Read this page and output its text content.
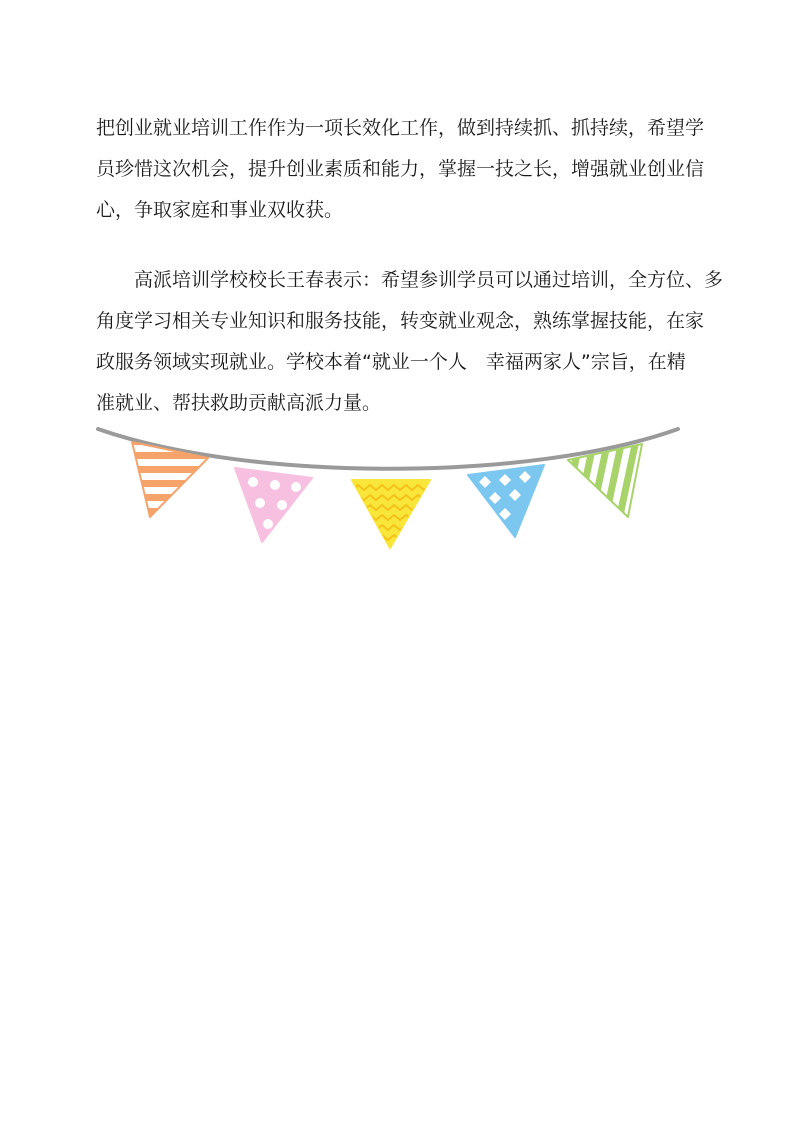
把创业就业培训工作作为一项长效化工作，做到持续抓、抓持续，希望学
员珍惜这次机会，提升创业素质和能力，掌握一技之长，增强就业创业信
心，争取家庭和事业双收获。

　　高派培训学校校长王春表示：希望参训学员可以通过培训，全方位、多
角度学习相关专业知识和服务技能，转变就业观念，熟练掌握技能，在家
政服务领域实现就业。学校本着“就业一个人　幸福两家人”宗旨，在精
准就业、帮扶救助贡献高派力量。
